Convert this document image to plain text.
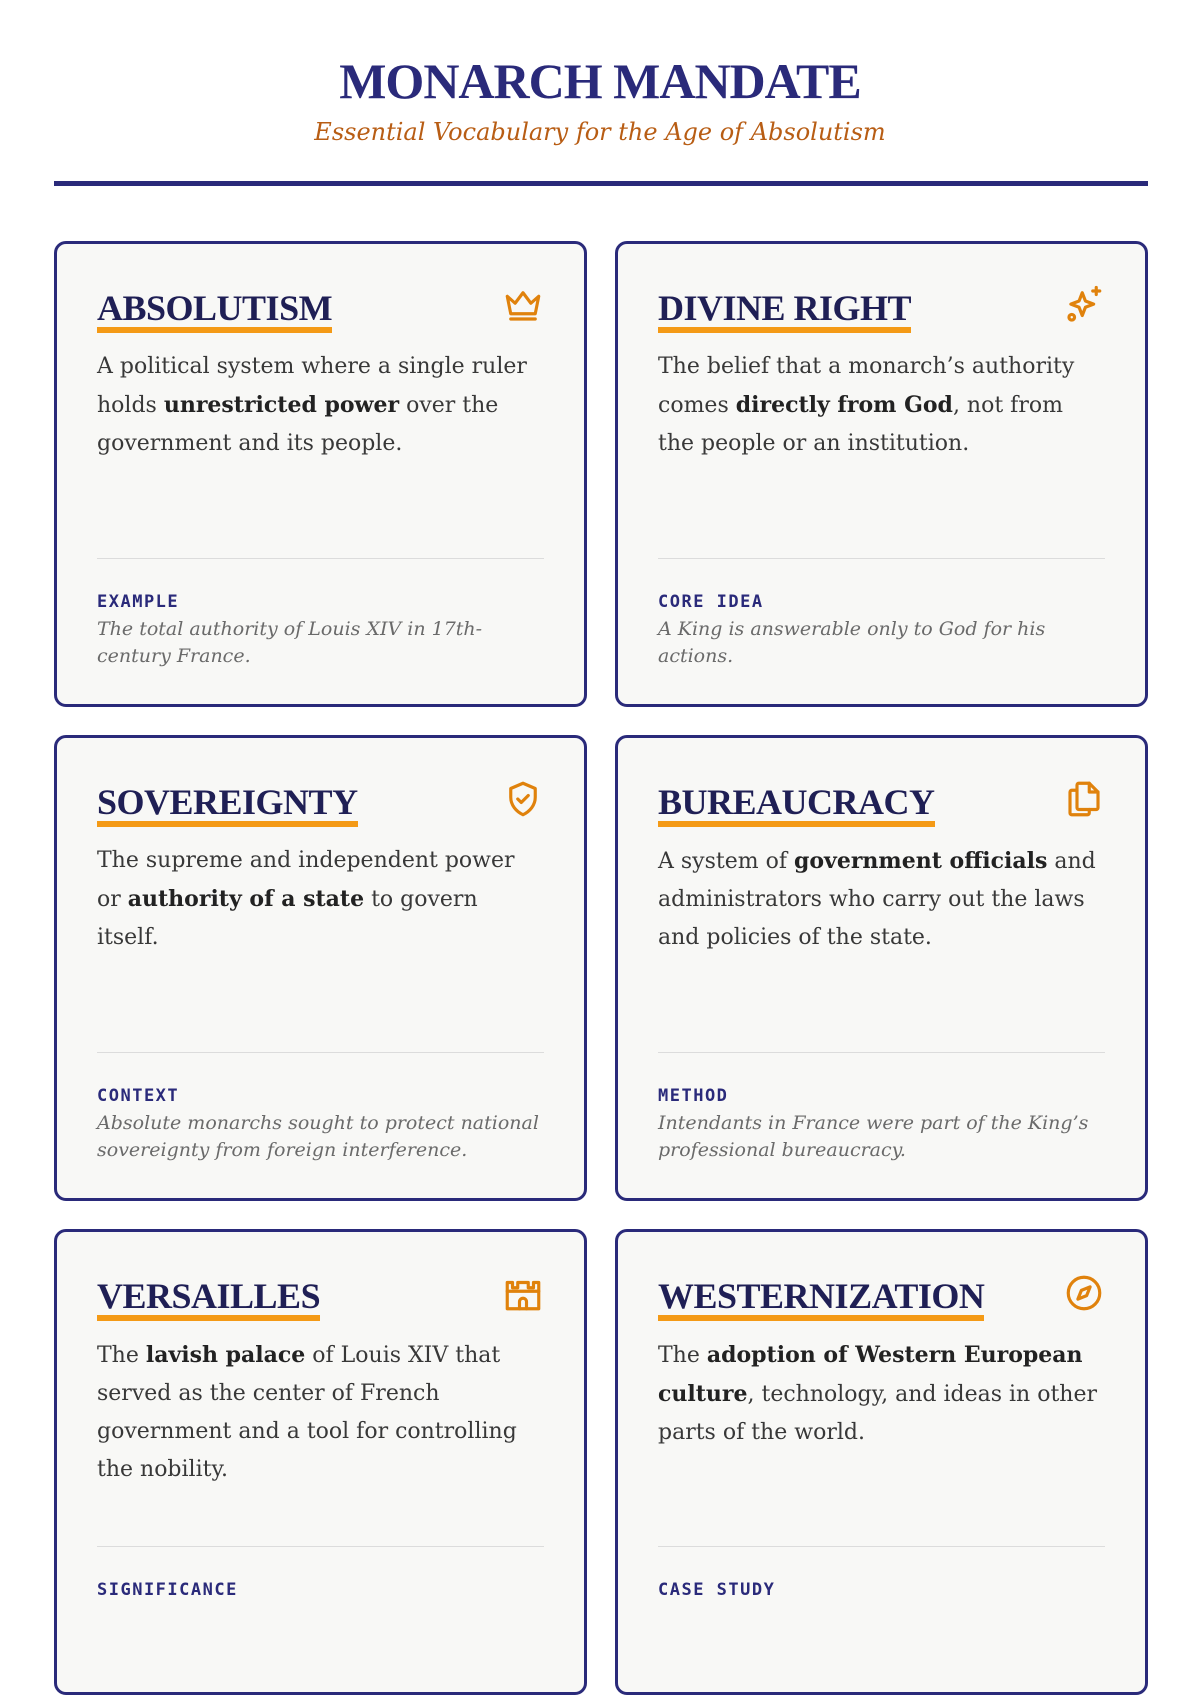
MONARCH MANDATE
Essential Vocabulary for the Age of Absolutism
ABSOLUTISM

A political system where a single ruler holds unrestricted power over the government and its people.

EXAMPLE

The total authority of Louis XIV in 17th-century France.

DIVINE RIGHT

The belief that a monarch’s authority comes directly from God, not from the people or an institution.

CORE IDEA

A King is answerable only to God for his actions.

SOVEREIGNTY

The supreme and independent power or authority of a state to govern itself.

CONTEXT

Absolute monarchs sought to protect national sovereignty from foreign interference.

BUREAUCRACY

A system of government officials and administrators who carry out the laws and policies of the state.

METHOD

Intendants in France were part of the King’s professional bureaucracy.

VERSAILLES

The lavish palace of Louis XIV that served as the center of French government and a tool for controlling the nobility.

SIGNIFICANCE

WESTERNIZATION

The adoption of Western European culture, technology, and ideas in other parts of the world.

CASE STUDY
